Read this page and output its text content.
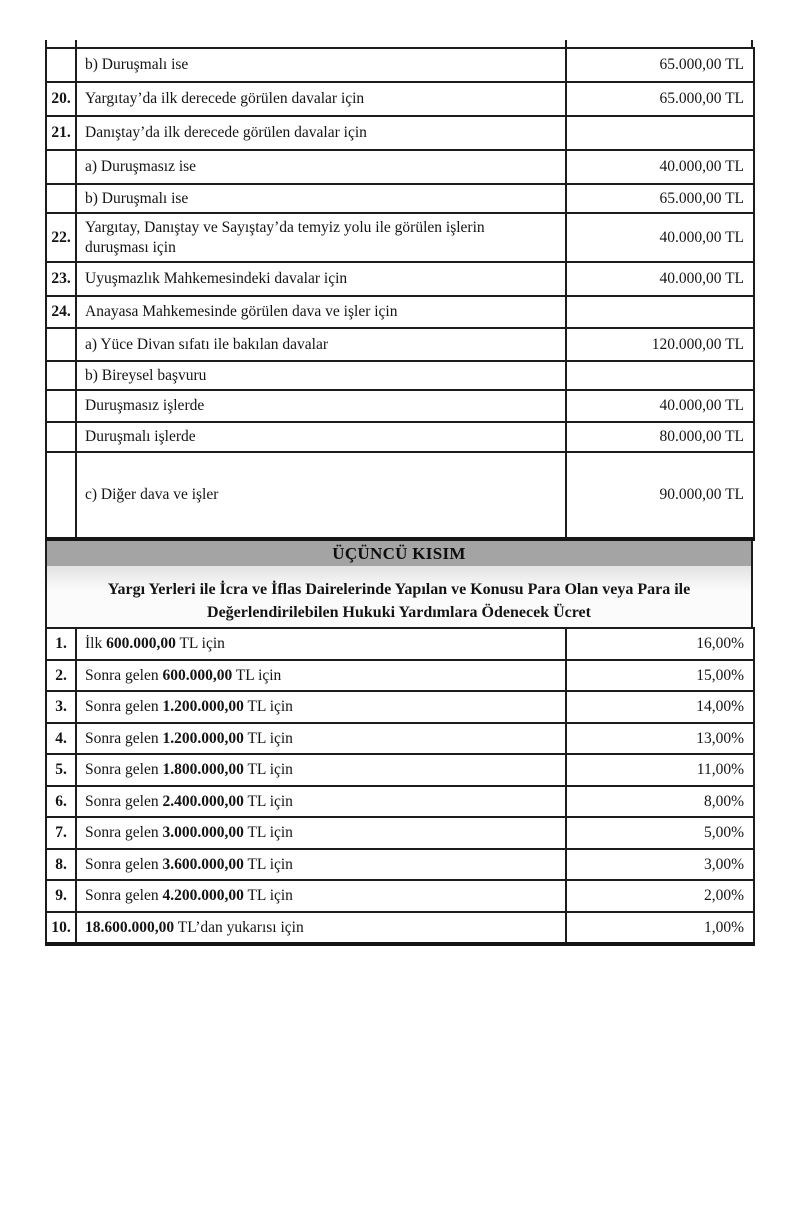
	b) Duruşmalı ise	65.000,00 TL
20.	Yargıtay’da ilk derecede görülen davalar için	65.000,00 TL
21.	Danıştay’da ilk derecede görülen davalar için	
	a) Duruşmasız ise	40.000,00 TL
	b) Duruşmalı ise	65.000,00 TL
22.	Yargıtay, Danıştay ve Sayıştay’da temyiz yolu ile görülen işlerin duruşması için	40.000,00 TL
23.	Uyuşmazlık Mahkemesindeki davalar için	40.000,00 TL
24.	Anayasa Mahkemesinde görülen dava ve işler için	
	a) Yüce Divan sıfatı ile bakılan davalar	120.000,00 TL
	b) Bireysel başvuru	
	Duruşmasız işlerde	40.000,00 TL
	Duruşmalı işlerde	80.000,00 TL
	c) Diğer dava ve işler	90.000,00 TL
ÜÇÜNCÜ KISIM
Yargı Yerleri ile İcra ve İflas Dairelerinde Yapılan ve Konusu Para Olan veya Para ile
Değerlendirilebilen Hukuki Yardımlara Ödenecek Ücret
1.	İlk 600.000,00 TL için	16,00%
2.	Sonra gelen 600.000,00 TL için	15,00%
3.	Sonra gelen 1.200.000,00 TL için	14,00%
4.	Sonra gelen 1.200.000,00 TL için	13,00%
5.	Sonra gelen 1.800.000,00 TL için	11,00%
6.	Sonra gelen 2.400.000,00 TL için	8,00%
7.	Sonra gelen 3.000.000,00 TL için	5,00%
8.	Sonra gelen 3.600.000,00 TL için	3,00%
9.	Sonra gelen 4.200.000,00 TL için	2,00%
10.	18.600.000,00 TL’dan yukarısı için	1,00%
